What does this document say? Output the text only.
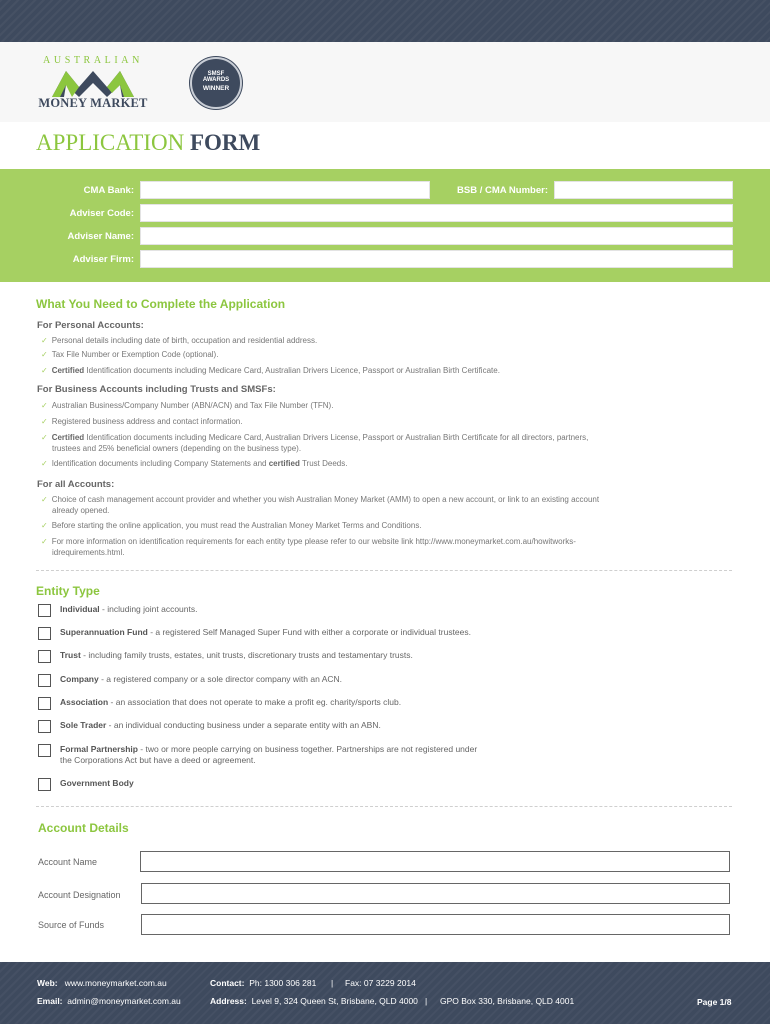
AUSTRALIAN
MONEY MARKET
SMSF
AWARDS
WINNER
APPLICATION FORM
CMA Bank:	BSB / CMA Number:
Adviser Code:
Adviser Name:
Adviser Firm:
What You Need to Complete the Application
For Personal Accounts:
✓ Personal details including date of birth, occupation and residential address.
✓ Tax File Number or Exemption Code (optional).
✓ Certified Identification documents including Medicare Card, Australian Drivers Licence, Passport or Australian Birth Certificate.
For Business Accounts including Trusts and SMSFs:
✓ Australian Business/Company Number (ABN/ACN) and Tax File Number (TFN).
✓ Registered business address and contact information.
✓ Certified Identification documents including Medicare Card, Australian Drivers License, Passport or Australian Birth Certificate for all directors, partners,
trustees and 25% beneficial owners (depending on the business type).
✓ Identification documents including Company Statements and certified Trust Deeds.
For all Accounts:
✓ Choice of cash management account provider and whether you wish Australian Money Market (AMM) to open a new account, or link to an existing account
already opened.
✓ Before starting the online application, you must read the Australian Money Market Terms and Conditions.
✓ For more information on identification requirements for each entity type please refer to our website link http://www.moneymarket.com.au/howitworks-
idrequirements.html.
Entity Type
Individual - including joint accounts.
Superannuation Fund - a registered Self Managed Super Fund with either a corporate or individual trustees.
Trust - including family trusts, estates, unit trusts, discretionary trusts and testamentary trusts.
Company - a registered company or a sole director company with an ACN.
Association - an association that does not operate to make a profit eg. charity/sports club.
Sole Trader - an individual conducting business under a separate entity with an ABN.
Formal Partnership - two or more people carrying on business together. Partnerships are not registered under
the Corporations Act but have a deed or agreement.
Government Body
Account Details
Account Name
Account Designation
Source of Funds
Web: www.moneymarket.com.au
Email: admin@moneymarket.com.au
Contact: Ph: 1300 306 281 | Fax: 07 3229 2014
Address: Level 9, 324 Queen St, Brisbane, QLD 4000 | GPO Box 330, Brisbane, QLD 4001	Page 1/8
